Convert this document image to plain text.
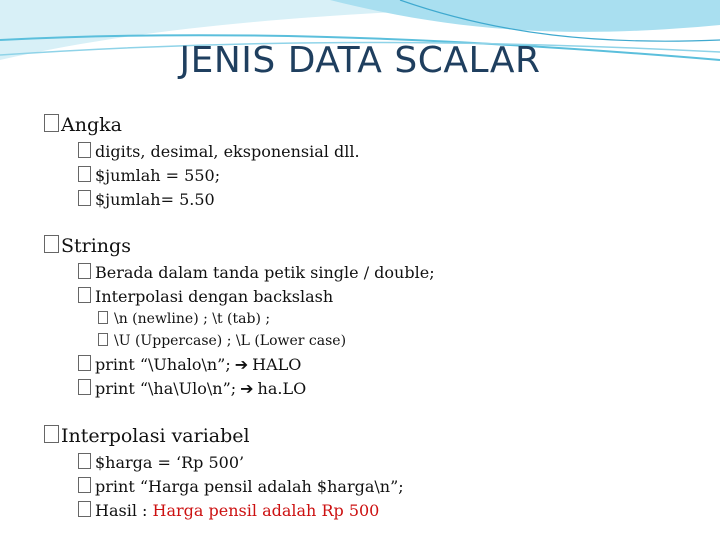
JENIS DATA SCALAR
Angka
digits, desimal, eksponensial dll.
$jumlah = 550;
$jumlah= 5.50
Strings
Berada dalam tanda petik single / double;
Interpolasi dengan backslash
\n (newline) ; \t (tab) ;
\U (Uppercase) ; \L (Lower case)
print “\Uhalo\n”; ➔ HALO
print “\ha\Ulo\n”; ➔ ha.LO
Interpolasi variabel
$harga = ‘Rp 500’
print “Harga pensil adalah $harga\n”;
Hasil : Harga pensil adalah Rp 500
